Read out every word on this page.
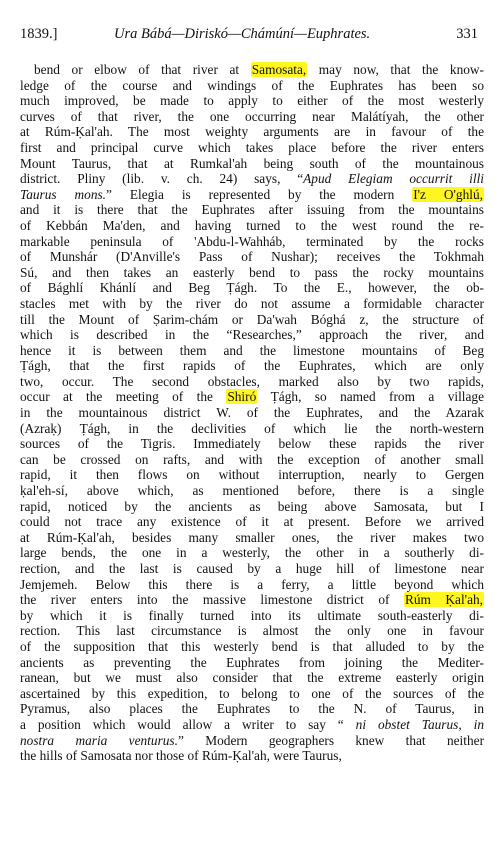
1839.]	Ura Bábá—Diriskó—Chámúní—Euphrates.	331
bend or elbow of that river at Samosata, may now, that the know-
ledge of the course and windings of the Euphrates has been so
much improved, be made to apply to either of the most westerly
curves of that river, the one occurring near Malátíyah, the other
at Rúm-Ḳal'ah. The most weighty arguments are in favour of the
first and principal curve which takes place before the river enters
Mount Taurus, that at Rumkal'ah being south of the mountainous
district. Pliny (lib. v. ch. 24) says, “Apud Elegiam occurrit illi
Taurus mons.” Elegia is represented by the modern I'z O'ghlú,
and it is there that the Euphrates after issuing from the mountains
of Kebbán Ma'den, and having turned to the west round the re-
markable peninsula of 'Abdu-l-Wahháb, terminated by the rocks
of Munshár (D'Anville's Pass of Nushar); receives the Tokhmah
Sú, and then takes an easterly bend to pass the rocky mountains
of Bághlí Khánlí and Beg Ṭágh. To the E., however, the ob-
stacles met with by the river do not assume a formidable character
till the Mount of Ṣarim-chám or Da'wah Bóghá z, the structure of
which is described in the “Researches,” approach the river, and
hence it is between them and the limestone mountains of Beg
Ṭágh, that the first rapids of the Euphrates, which are only
two, occur. The second obstacles, marked also by two rapids,
occur at the meeting of the Shiró Ṭágh, so named from a village
in the mountainous district W. of the Euphrates, and the Azarak
(Azraḳ) Ṭágh, in the declivities of which lie the north-western
sources of the Tigris. Immediately below these rapids the river
can be crossed on rafts, and with the exception of another small
rapid, it then flows on without interruption, nearly to Gergen
ḳal'eh-sí, above which, as mentioned before, there is a single
rapid, noticed by the ancients as being above Samosata, but I
could not trace any existence of it at present. Before we arrived
at Rúm-Ḳal'ah, besides many smaller ones, the river makes two
large bends, the one in a westerly, the other in a southerly di-
rection, and the last is caused by a huge hill of limestone near
Jemjemeh. Below this there is a ferry, a little beyond which
the river enters into the massive limestone district of Rúm Ḳal'ah,
by which it is finally turned into its ultimate south-easterly di-
rection. This last circumstance is almost the only one in favour
of the supposition that this westerly bend is that alluded to by the
ancients as preventing the Euphrates from joining the Mediter-
ranean, but we must also consider that the extreme easterly origin
ascertained by this expedition, to belong to one of the sources of the
Pyramus, also places the Euphrates to the N. of Taurus, in
a position which would allow a writer to say “ ni obstet Taurus, in
nostra maria venturus.” Modern geographers knew that neither
the hills of Samosata nor those of Rúm-Ḳal'ah, were Taurus,
